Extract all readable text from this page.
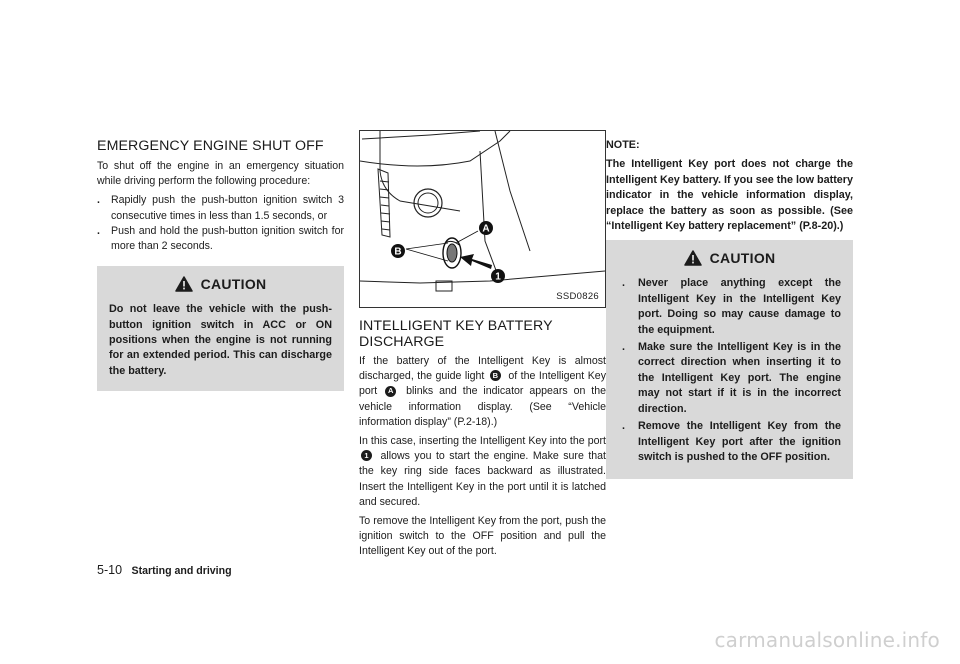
EMERGENCY ENGINE SHUT OFF

To shut off the engine in an emergency situation while driving perform the following procedure:

. Rapidly push the push-button ignition switch 3 consecutive times in less than 1.5 seconds, or
. Push and hold the push-button ignition switch for more than 2 seconds.
CAUTION

Do not leave the vehicle with the push-button ignition switch in ACC or ON positions when the engine is not running for an extended period. This can discharge the battery.

A
B
1
SSD0826
INTELLIGENT KEY BATTERY DISCHARGE

If the battery of the Intelligent Key is almost discharged, the guide light B of the Intelligent Key port A blinks and the indicator appears on the vehicle information display. (See “Vehicle information display” (P.2-18).)

In this case, inserting the Intelligent Key into the port 1 allows you to start the engine. Make sure that the key ring side faces backward as illustrated. Insert the Intelligent Key in the port until it is latched and secured.

To remove the Intelligent Key from the port, push the ignition switch to the OFF position and pull the Intelligent Key out of the port.

NOTE:

The Intelligent Key port does not charge the Intelligent Key battery. If you see the low battery indicator in the vehicle information display, replace the battery as soon as possible. (See “Intelligent Key battery replacement” (P.8-20).)

CAUTION
. Never place anything except the Intelligent Key in the Intelligent Key port. Doing so may cause damage to the equipment.
. Make sure the Intelligent Key is in the correct direction when inserting it to the Intelligent Key port. The engine may not start if it is in the incorrect direction.
. Remove the Intelligent Key from the Intelligent Key port after the ignition switch is pushed to the OFF position.
5-10 Starting and driving
carmanualsonline.info
